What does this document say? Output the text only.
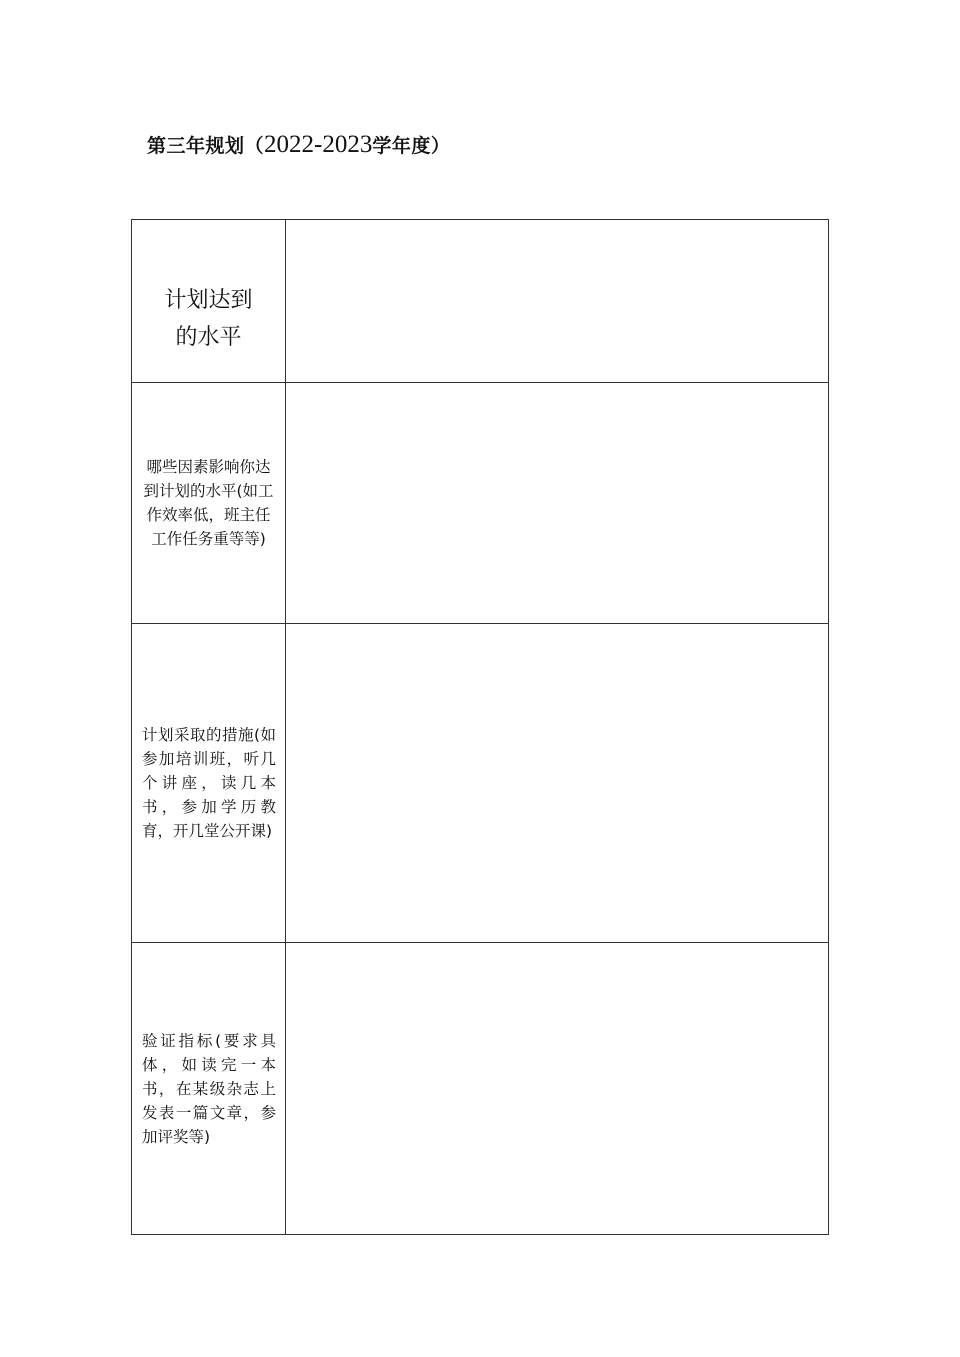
第三年规划（2022-2023学年度）
计划达到
的水平	

哪些因素影响你达到计划的水平(如工作效率低，班主任工作任务重等等)	
计划采取的措施(如参加培训班，听几个讲座，读几本书，参加学历教育，开几堂公开课)	
验证指标(要求具体，如读完一本书，在某级杂志上发表一篇文章，参加评奖等)	
